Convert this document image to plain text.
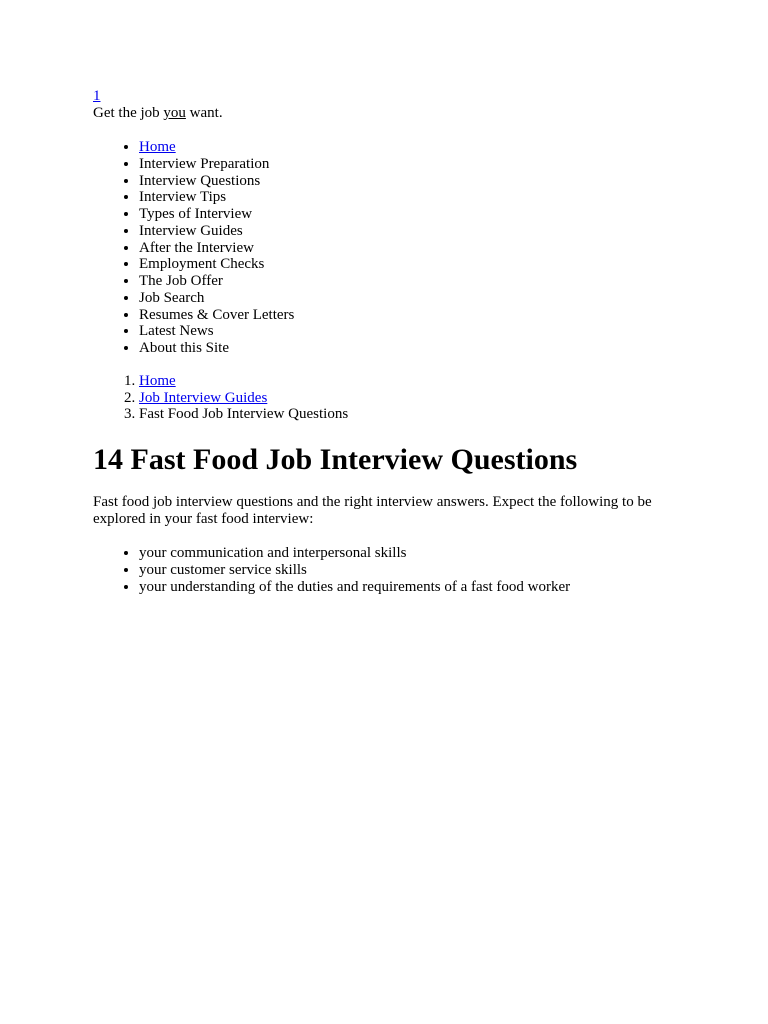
1

Get the job you want.

• Home
• Interview Preparation
• Interview Questions
• Interview Tips
• Types of Interview
• Interview Guides
• After the Interview
• Employment Checks
• The Job Offer
• Job Search
• Resumes & Cover Letters
• Latest News
• About this Site
1. Home
2. Job Interview Guides
3. Fast Food Job Interview Questions
14 Fast Food Job Interview Questions

Fast food job interview questions and the right interview answers. Expect the following to be explored in your fast food interview:

• your communication and interpersonal skills
• your customer service skills
• your understanding of the duties and requirements of a fast food worker
